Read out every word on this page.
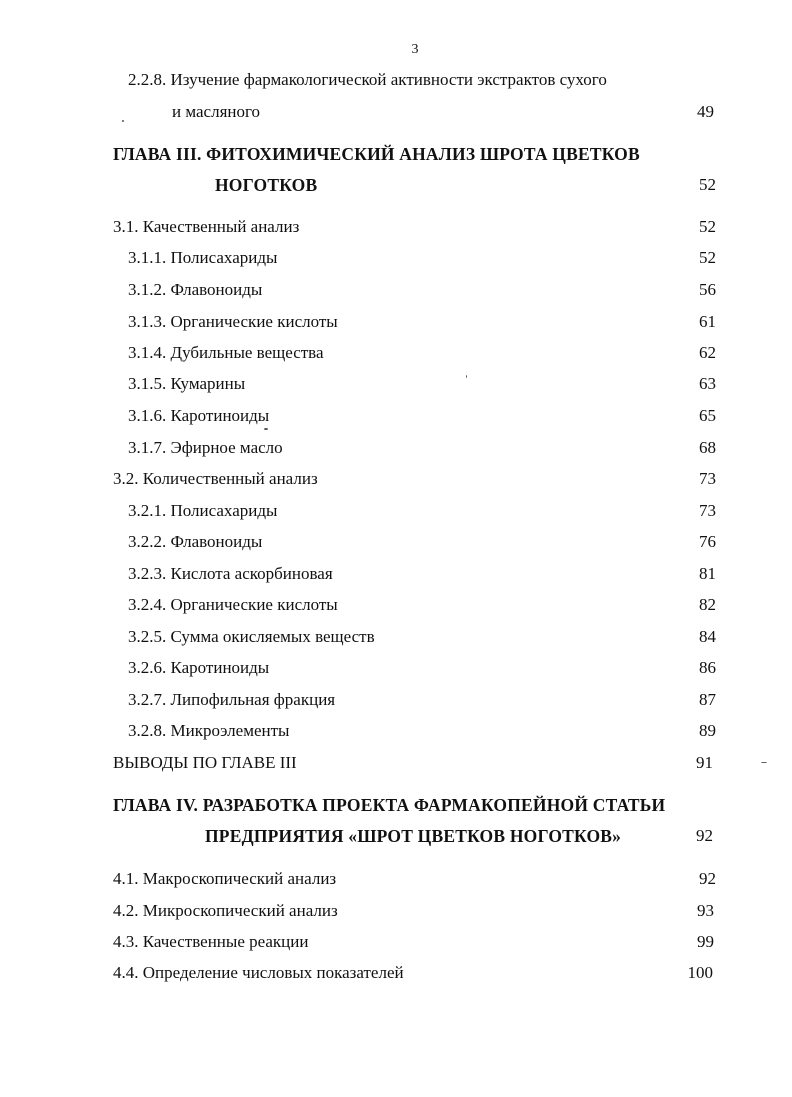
3
2.2.8. Изучение фармакологической активности экстрактов сухого
и масляного	49
ГЛАВА III. ФИТОХИМИЧЕСКИЙ АНАЛИЗ ШРОТА ЦВЕТКОВ
НОГОТКОВ	52
3.1. Качественный анализ	52
3.1.1. Полисахариды	52
3.1.2. Флавоноиды	56
3.1.3. Органические кислоты	61
3.1.4. Дубильные вещества	62
3.1.5. Кумарины	63
3.1.6. Каротиноиды	65
3.1.7. Эфирное масло	68
3.2. Количественный анализ	73
3.2.1. Полисахариды	73
3.2.2. Флавоноиды	76
3.2.3. Кислота аскорбиновая	81
3.2.4. Органические кислоты	82
3.2.5. Сумма окисляемых веществ	84
3.2.6. Каротиноиды	86
3.2.7. Липофильная фракция	87
3.2.8. Микроэлементы	89
ВЫВОДЫ ПО ГЛАВЕ III	91
ГЛАВА IV. РАЗРАБОТКА ПРОЕКТА ФАРМАКОПЕЙНОЙ СТАТЬИ
ПРЕДПРИЯТИЯ «ШРОТ ЦВЕТКОВ НОГОТКОВ»	92
4.1. Макроскопический анализ	92
4.2. Микроскопический анализ	93
4.3. Качественные реакции	99
4.4. Определение числовых показателей	100
